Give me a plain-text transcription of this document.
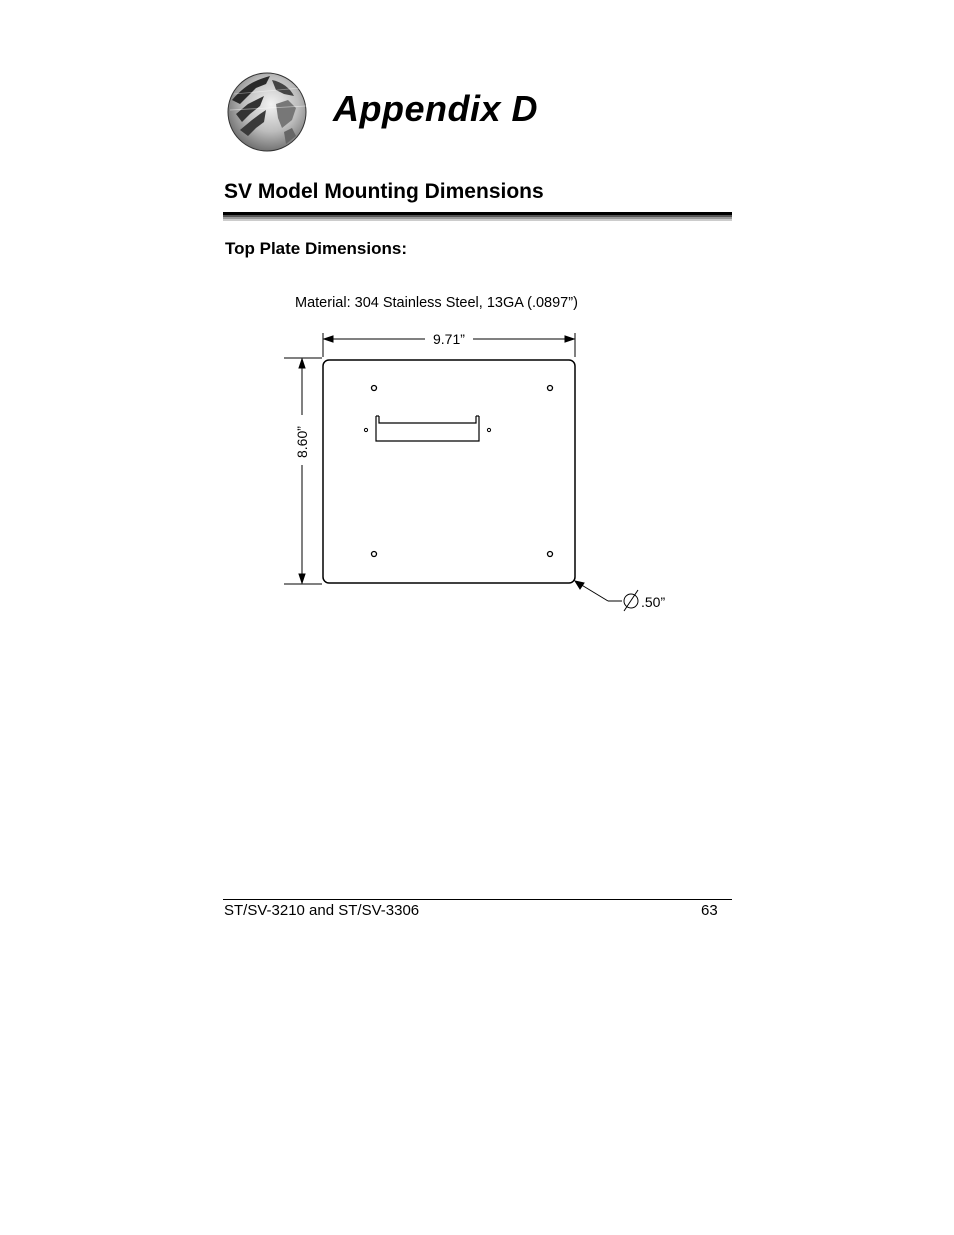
Appendix D
SV Model Mounting Dimensions
Top Plate Dimensions:
Material: 304 Stainless Steel, 13GA (.0897”)
9.71”
8.60”
.50”
ST/SV-3210 and ST/SV-3306	63
